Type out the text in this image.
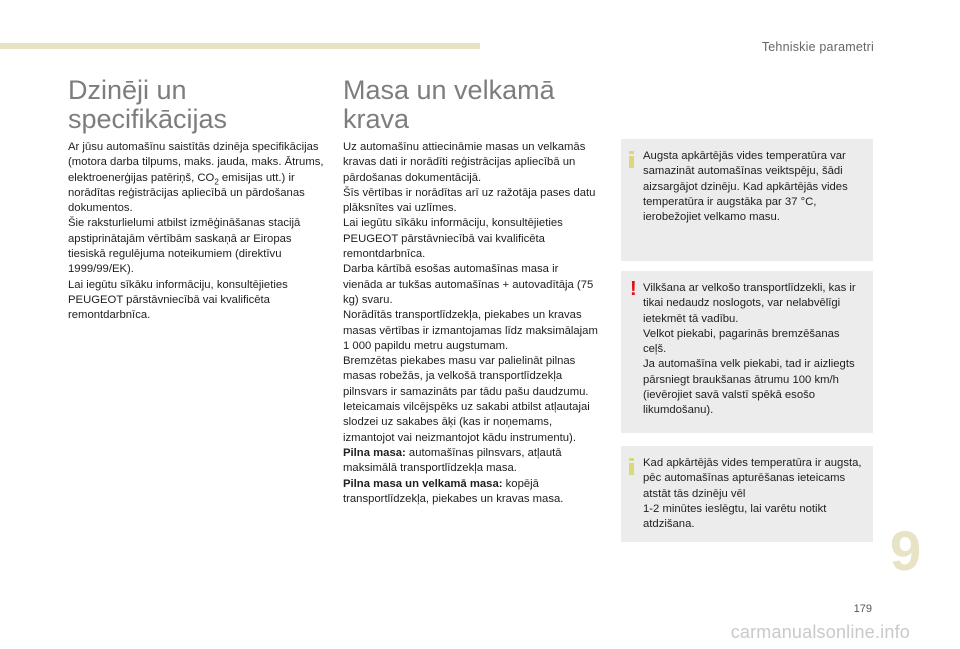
Tehniskie parametri
Dzinēji un
specifikācijas

Ar jūsu automašīnu saistītās dzinēja specifikācijas (motora darba tilpums, maks. jauda, maks. Ātrums, elektroenerģijas patēriņš, $CO_2$ emisijas utt.) ir norādītas reģistrācijas apliecībā un pārdošanas dokumentos.

Šie raksturlielumi atbilst izmēģināšanas stacijā apstiprinātajām vērtībām saskaņā ar Eiropas tiesiskā regulējuma noteikumiem (direktīvu 1999/99/EK).

Lai iegūtu sīkāku informāciju, konsultējieties PEUGEOT pārstāvniecībā vai kvalificēta remontdarbnīca.

Masa un velkamā
krava

Uz automašīnu attiecināmie masas un velkamās kravas dati ir norādīti reģistrācijas apliecībā un pārdošanas dokumentācijā.

Šīs vērtības ir norādītas arī uz ražotāja pases datu plāksnītes vai uzlīmes.

Lai iegūtu sīkāku informāciju, konsultējieties PEUGEOT pārstāvniecībā vai kvalificēta remontdarbnīca.

Darba kārtībā esošas automašīnas masa ir vienāda ar tukšas automašīnas + autovadītāja (75 kg) svaru.

Norādītās transportlīdzekļa, piekabes un kravas masas vērtības ir izmantojamas līdz maksimālajam 1 000 papildu metru augstumam.

Bremzētas piekabes masu var palielināt pilnas masas robežās, ja velkošā transportlīdzekļa pilnsvars ir samazināts par tādu pašu daudzumu.

Ieteicamais vilcējspēks uz sakabi atbilst atļautajai slodzei uz sakabes āķi (kas ir noņemams, izmantojot vai neizmantojot kādu instrumentu).

Pilna masa: automašīnas pilnsvars, atļautā maksimālā transportlīdzekļa masa.

Pilna masa un velkamā masa: kopējā transportlīdzekļa, piekabes un kravas masa.

Augsta apkārtējās vides temperatūra var samazināt automašīnas veiktspēju, šādi aizsargājot dzinēju. Kad apkārtējās vides temperatūra ir augstāka par 37 °C, ierobežojiet velkamo masu.

! Vilkšana ar velkošo transportlīdzekli, kas ir tikai nedaudz noslogots, var nelabvēlīgi ietekmēt tā vadību.

Velkot piekabi, pagarinās bremzēšanas ceļš.

Ja automašīna velk piekabi, tad ir aizliegts pārsniegt braukšanas ātrumu 100 km/h (ievērojiet savā valstī spēkā esošo likumdošanu).

Kad apkārtējās vides temperatūra ir augsta, pēc automašīnas apturēšanas ieteicams atstāt tās dzinēju vēl

1-2 minūtes ieslēgtu, lai varētu notikt atdzišana.	9
179
carmanualsonline.info
